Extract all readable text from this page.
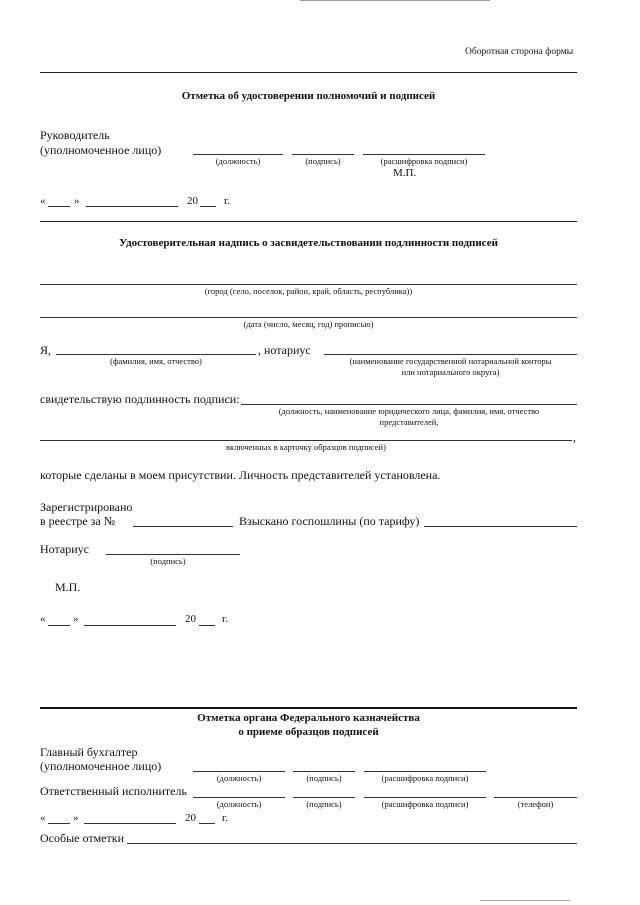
Оборотная сторона формы
Отметка об удостоверении полномочий и подписей
Руководитель
(уполномоченное лицо)
(должность)	(подпись)	(расшифровка подписи)
М.П.
«	»	20 г.
Удостоверительная надпись о засвидетельствовании подлинности подписей
(город (село, поселок, район, край, область, республика))
(дата (число, месяц, год) прописью)
Я,
(фамилия, имя, отчество)
, нотариус
(наименование государственной нотариальной конторы
или нотариального округа)
свидетельствую подлинность подписи:
(должность, наименование юридического лица, фамилия, имя, отчество
представителей,
,
включенных в карточку образцов подписей)
которые сделаны в моем присутствии. Личность представителей установлена.
Зарегистрировано
в реестре за №	Взыскано госпошлины (по тарифу)
Нотариус
(подпись)
М.П.
«	»	20 г.
Отметка органа Федерального казначейства
о приеме образцов подписей
Главный бухгалтер
(уполномоченное лицо)
(должность)	(подпись)	(расшифровка подписи)
Ответственный исполнитель
(должность)	(подпись)	(расшифровка подписи)	(телефон)
«	»	20 г.
Особые отметки
